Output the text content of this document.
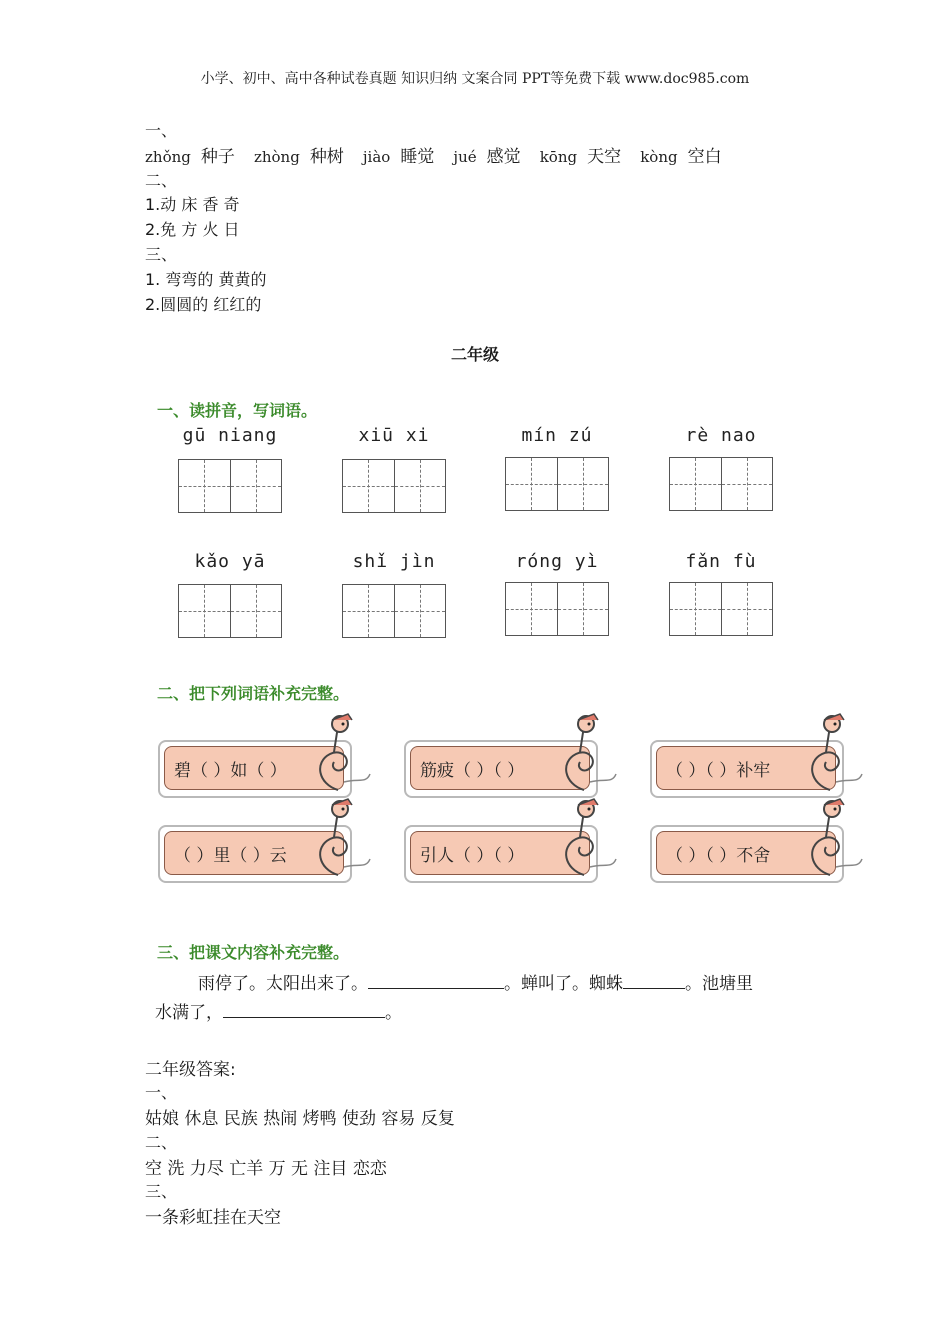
小学、初中、高中各种试卷真题 知识归纳 文案合同 PPT等免费下载 www.doc985.com
一、
zhǒng 种子 zhòng 种树 jiào 睡觉 jué 感觉 kōng 天空 kòng 空白
二、
1.动 床 香 奇
2.免 方 火 日
三、
1. 弯弯的 黄黄的
2.圆圆的 红红的
二年级
一、读拼音，写词语。
gū niang	xiū xi	mín zú	rè nao
kǎo yā	shǐ jìn	róng yì	fǎn fù
二、把下列词语补充完整。
碧（ ）如（ ）	筋疲（ ）（ ）	（ ）（ ）补牢
（ ）里（ ）云	引人（ ）（ ）	（ ）（ ）不舍
三、把课文内容补充完整。
雨停了。太阳出来了。	。蝉叫了。蜘蛛	。池塘里
水满了，	。
二年级答案:
一、
姑娘 休息 民族 热闹 烤鸭 使劲 容易 反复
二、
空 洗 力尽 亡羊 万 无 注目 恋恋
三、
一条彩虹挂在天空
